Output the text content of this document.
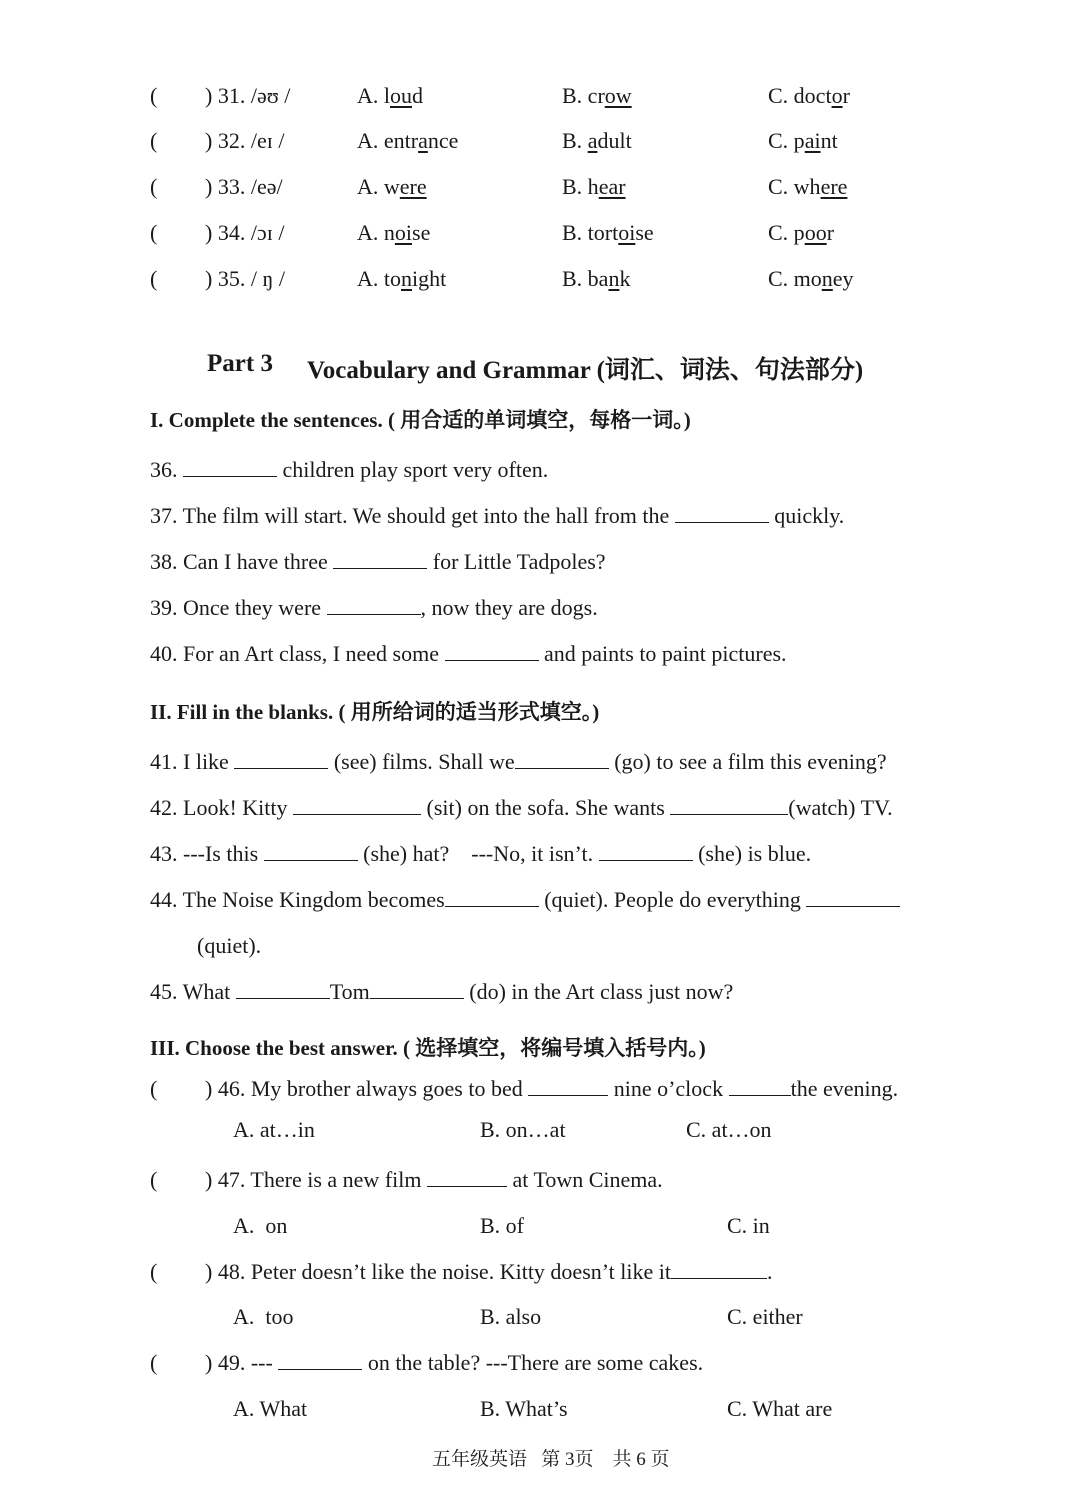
( ) 31. /əʊ /	A. loud	B. crow	C. doctor
( ) 32. /eɪ /	A. entrance	B. adult	C. paint
( ) 33. /eə/	A. were	B. hear	C. where
( ) 34. /ɔɪ /	A. noise	B. tortoise	C. poor
( ) 35. / ŋ /	A. tonight	B. bank	C. money
Part 3 Vocabulary and Grammar (词汇、词法、句法部分)
I. Complete the sentences. ( 用合适的单词填空，每格一词。)
36.	children play sport very often.
37. The film will start. We should get into the hall from the	quickly.
38. Can I have three	for Little Tadpoles?
39. Once they were	, now they are dogs.
40. For an Art class, I need some	and paints to paint pictures.
II. Fill in the blanks. ( 用所给词的适当形式填空。)
41. I like	(see) films. Shall we	(go) to see a film this evening?
42. Look! Kitty	(sit) on the sofa. She wants	(watch) TV.
43. ---Is this	(she) hat?    ---No, it isn’t.	(she) is blue.
44. The Noise Kingdom becomes	(quiet). People do everything
(quiet).
45. What	Tom	(do) in the Art class just now?
III. Choose the best answer. ( 选择填空，将编号填入括号内。)
( ) 46. My brother always goes to bed	nine o’clock	the evening.
A. at…in	B. on…at	C. at…on
( ) 47. There is a new film	at Town Cinema.
A.  on	B. of	C. in
( ) 48. Peter doesn’t like the noise. Kitty doesn’t like it	.
A.  too	B. also	C. either
( ) 49. ---	on the table? ---There are some cakes.
A. What	B. What’s	C. What are
五年级英语   第 3页    共 6 页
